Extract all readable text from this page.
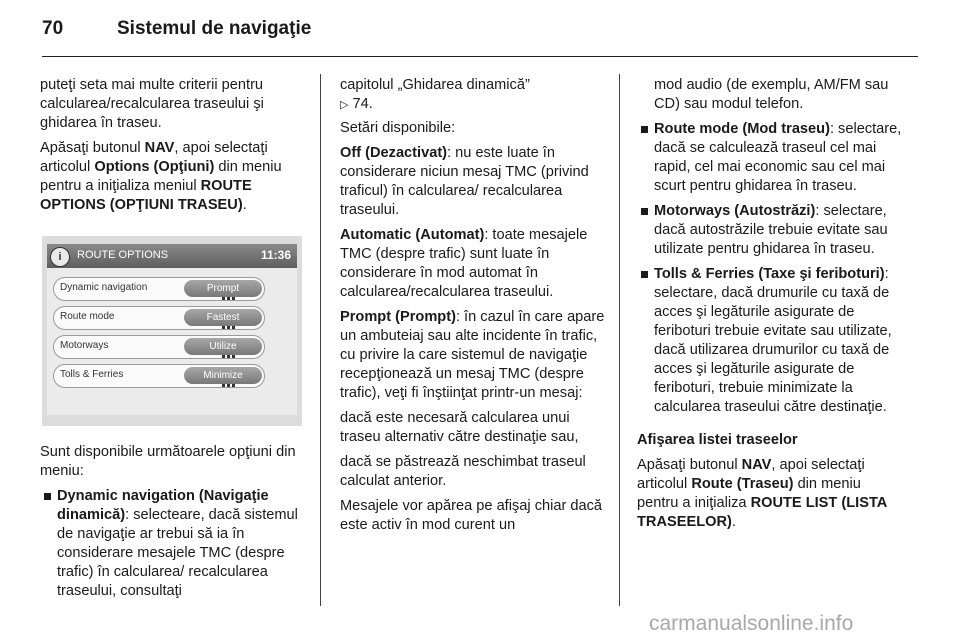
70	Sistemul de navigaţie

puteţi seta mai multe criterii pentru calcularea/recalcularea traseului şi ghidarea în traseu.

Apăsaţi butonul NAV, apoi selectaţi articolul Options (Opţiuni) din meniu pentru a iniţializa meniul ROUTE OPTIONS (OPŢIUNI TRASEU).

i	ROUTE OPTIONS	11:36
Dynamic navigation	Prompt
Route mode	Fastest
Motorways	Utilize
Tolls & Ferries	Minimize

Sunt disponibile următoarele opţiuni din meniu:

Dynamic navigation (Navigaţie dinamică): selecteare, dacă sistemul de navigaţie ar trebui să ia în considerare mesajele TMC (despre trafic) în calcularea/ recalcularea traseului, consultaţi

capitolul „Ghidarea dinamică”
▷ 74.

Setări disponibile:

Off (Dezactivat): nu este luate în considerare niciun mesaj TMC (privind traficul) în calcularea/ recalcularea traseului.

Automatic (Automat): toate mesajele TMC (despre trafic) sunt luate în considerare în mod automat în calcularea/recalcularea traseului.

Prompt (Prompt): în cazul în care apare un ambuteiaj sau alte incidente în trafic, cu privire la care sistemul de navigaţie recepţionează un mesaj TMC (despre trafic), veţi fi înştiinţat printr-un mesaj:

dacă este necesară calcularea unui traseu alternativ către destinaţie sau,

dacă se păstrează neschimbat traseul calculat anterior.

Mesajele vor apărea pe afişaj chiar dacă este activ în mod curent un

mod audio (de exemplu, AM/FM sau CD) sau modul telefon.

Route mode (Mod traseu): selectare, dacă se calculează traseul cel mai rapid, cel mai economic sau cel mai scurt pentru ghidarea în traseu.
Motorways (Autostrăzi): selectare, dacă autostrăzile trebuie evitate sau utilizate pentru ghidarea în traseu.
Tolls & Ferries (Taxe şi feriboturi): selectare, dacă drumurile cu taxă de acces şi legăturile asigurate de feriboturi trebuie evitate sau utilizate, dacă utilizarea drumurilor cu taxă de acces şi legăturile asigurate de feriboturi, trebuie minimizate la calcularea traseului către destinaţie.

Afişarea listei traseelor

Apăsaţi butonul NAV, apoi selectaţi articolul Route (Traseu) din meniu pentru a iniţializa ROUTE LIST (LISTA TRASEELOR).

carmanualsonline.info
